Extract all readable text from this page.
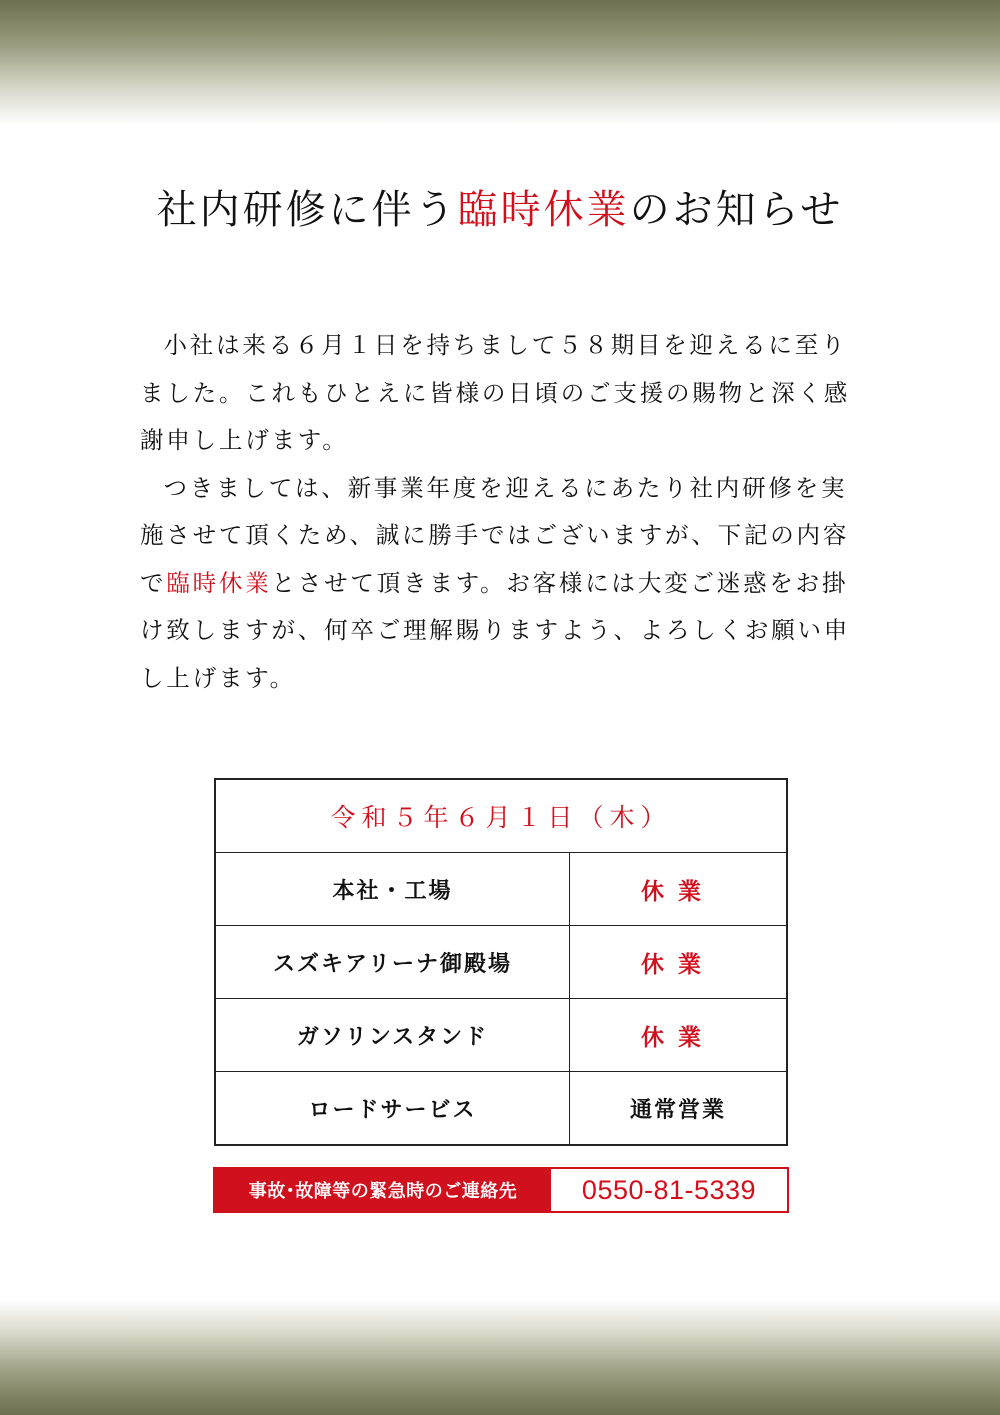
社内研修に伴う臨時休業のお知らせ

小社は来る６月１日を持ちまして５８期目を迎えるに至りました。これもひとえに皆様の日頃のご支援の賜物と深く感謝申し上げます。

つきましては、新事業年度を迎えるにあたり社内研修を実施させて頂くため、誠に勝手ではございますが、下記の内容で臨時休業とさせて頂きます。お客様には大変ご迷惑をお掛け致しますが、何卒ご理解賜りますよう、よろしくお願い申し上げます。

令和５年６月１日（木）	
本社・工場	休業
スズキアリーナ御殿場	休業
ガソリンスタンド	休業
ロードサービス	通常営業
事故･故障等の緊急時のご連絡先	0550-81-5339
